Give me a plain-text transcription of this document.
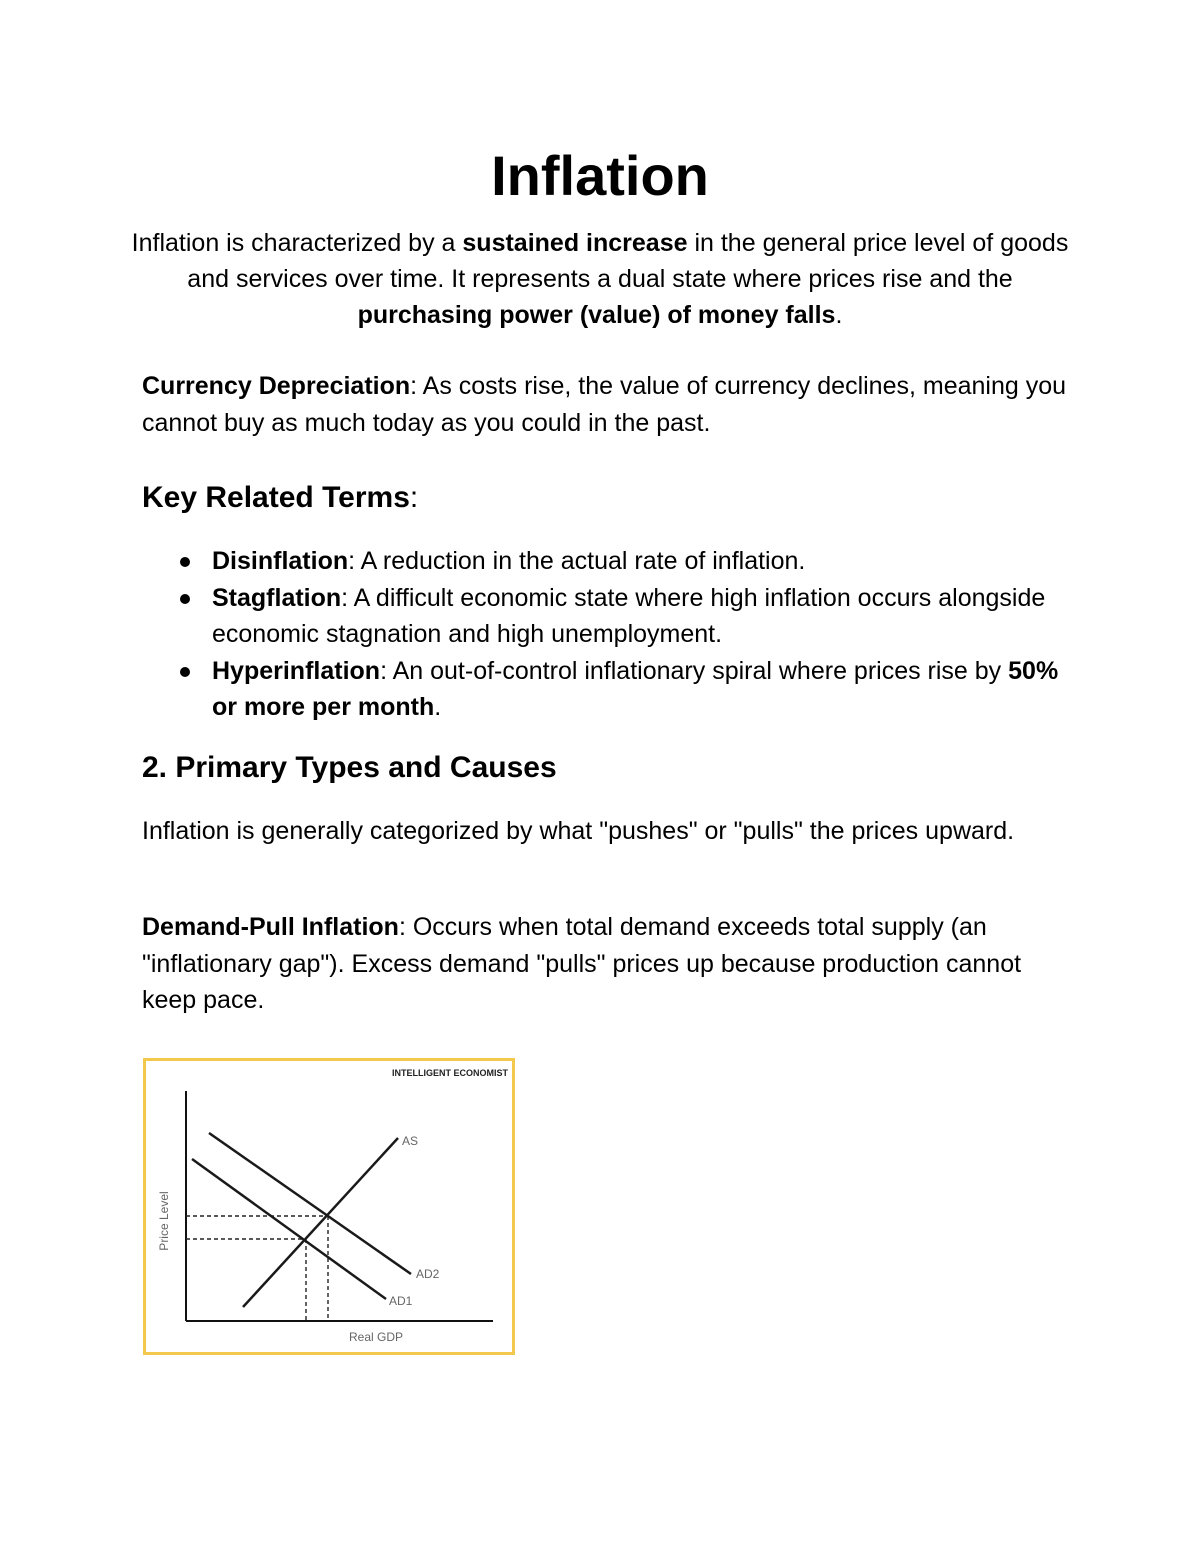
Inflation

Inflation is characterized by a sustained increase in the general price level of goods and services over time. It represents a dual state where prices rise and the purchasing power (value) of money falls.

Currency Depreciation: As costs rise, the value of currency declines, meaning you cannot buy as much today as you could in the past.

Key Related Terms:
Disinflation: A reduction in the actual rate of inflation.
Stagflation: A difficult economic state where high inflation occurs alongside economic stagnation and high unemployment.
Hyperinflation: An out-of-control inflationary spiral where prices rise by 50% or more per month.
2. Primary Types and Causes

Inflation is generally categorized by what "pushes" or "pulls" the prices upward.

Demand-Pull Inflation: Occurs when total demand exceeds total supply (an "inflationary gap"). Excess demand "pulls" prices up because production cannot keep pace.

INTELLIGENT ECONOMIST
AS
AD2
AD1
Real GDP
Price Level
